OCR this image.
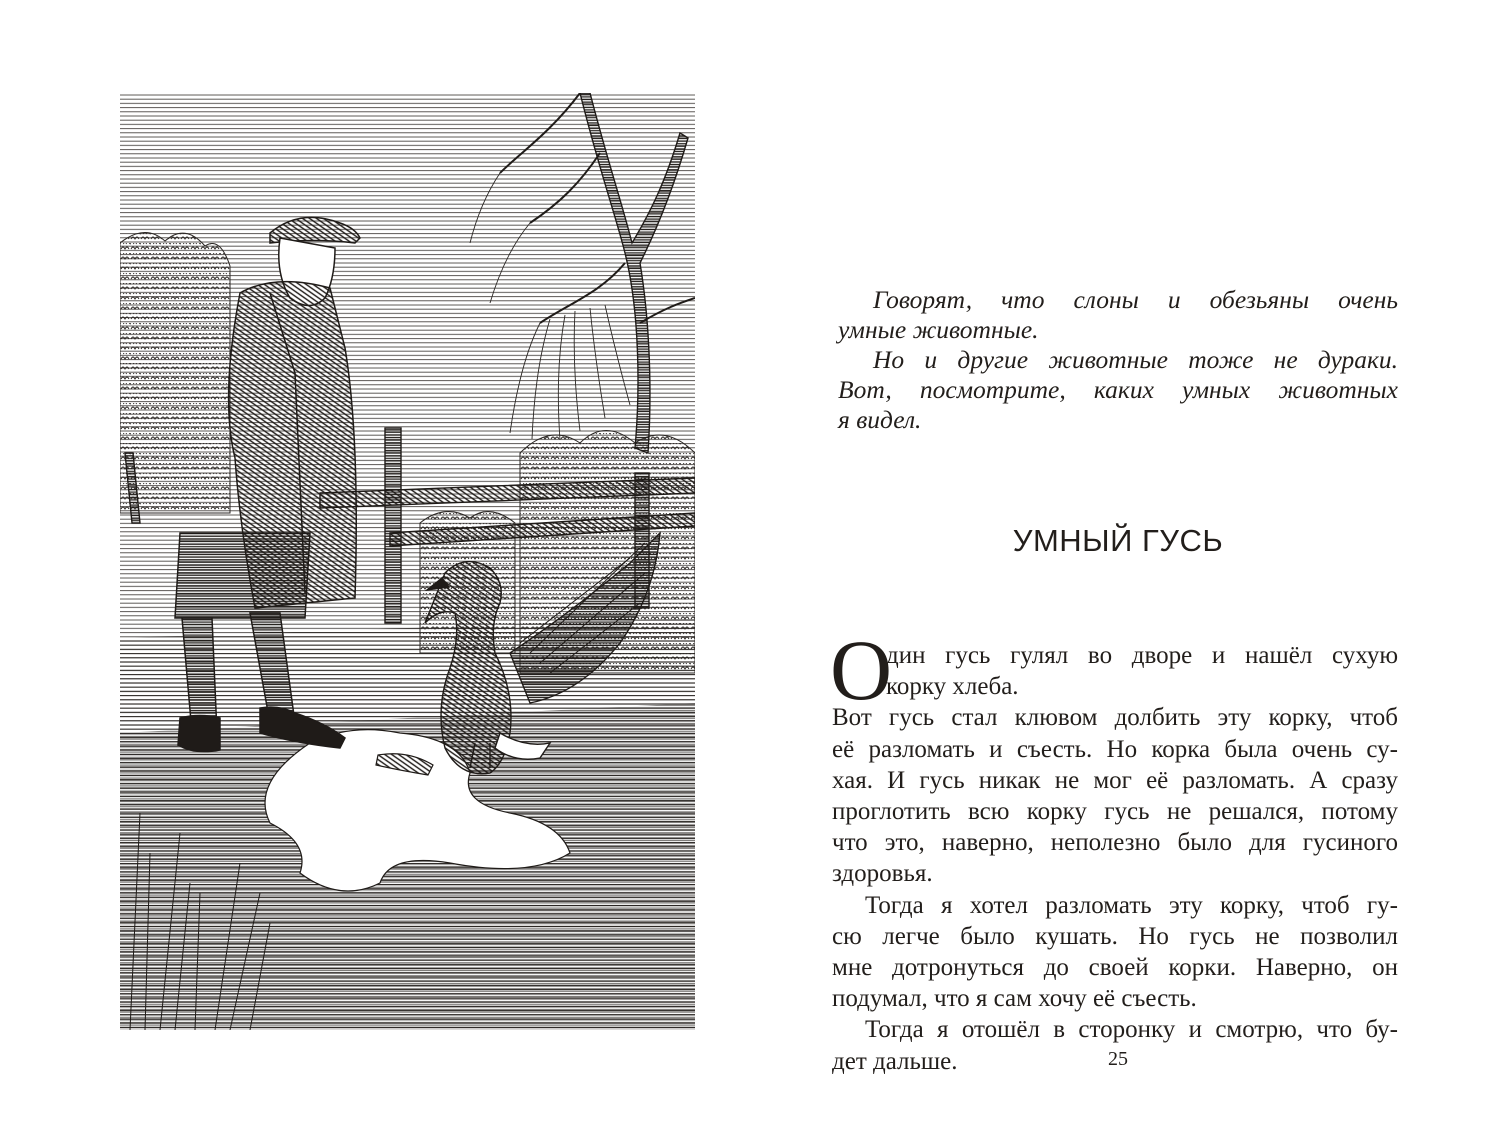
Говорят, что слоны и обезьяны очень
умные животные.
Но и другие животные тоже не дураки.
Вот, посмотрите, каких умных животных
я видел.
УМНЫЙ ГУСЬ
О
дин гусь гулял во дворе и нашёл сухую
корку хлеба.
Вот гусь стал клювом долбить эту корку, чтоб
её разломать и съесть. Но корка была очень су-
хая. И гусь никак не мог её разломать. А сразу
проглотить всю корку гусь не решался, потому
что это, наверно, неполезно было для гусиного
здоровья.
Тогда я хотел разломать эту корку, чтоб гу-
сю легче было кушать. Но гусь не позволил
мне дотронуться до своей корки. Наверно, он
подумал, что я сам хочу её съесть.
Тогда я отошёл в сторонку и смотрю, что бу-
дет дальше.	25
